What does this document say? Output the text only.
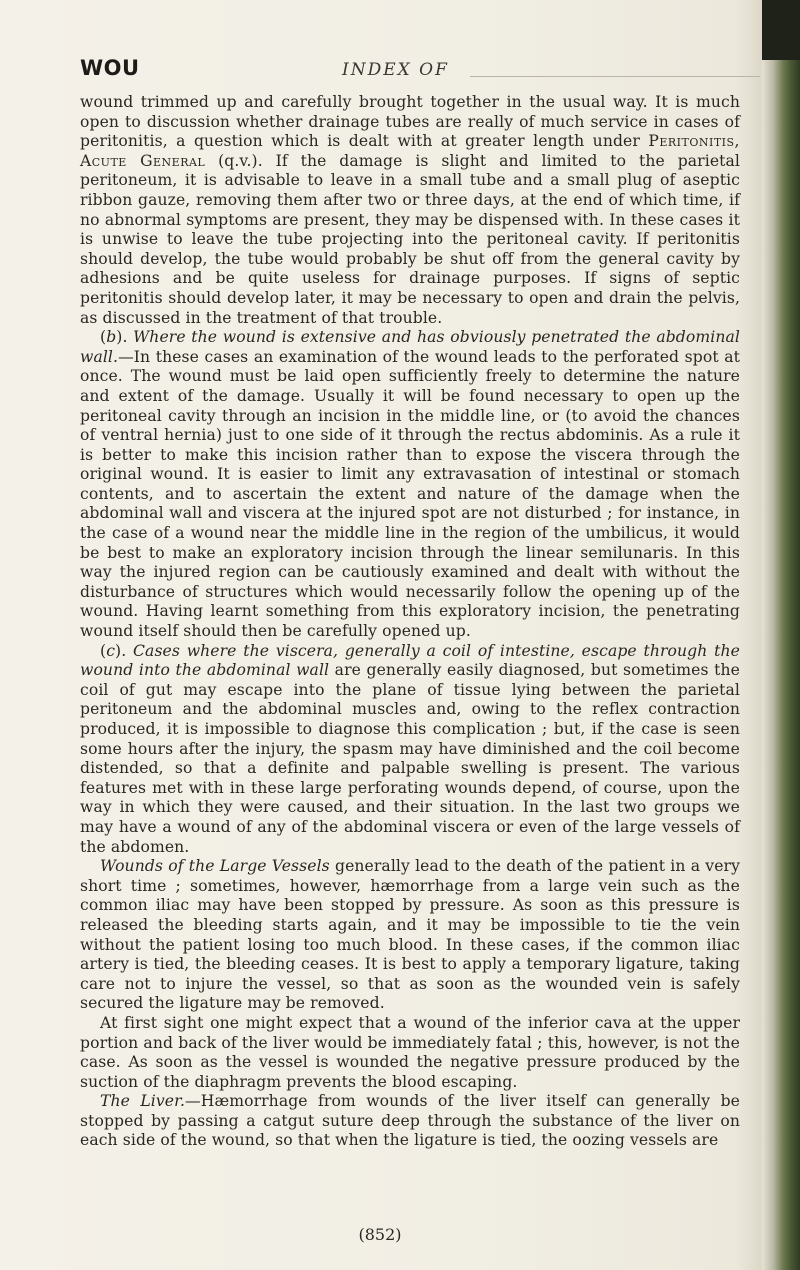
WOU	INDEX OF

wound trimmed up and carefully brought together in the usual way. It is much open to discussion whether drainage tubes are really of much service in cases of peritonitis, a question which is dealt with at greater length under Peritonitis, Acute General (q.v.). If the damage is slight and limited to the parietal peritoneum, it is advisable to leave in a small tube and a small plug of aseptic ribbon gauze, removing them after two or three days, at the end of which time, if no abnormal symptoms are present, they may be dispensed with. In these cases it is unwise to leave the tube projecting into the peritoneal cavity. If peritonitis should develop, the tube would probably be shut off from the general cavity by adhesions and be quite useless for drainage purposes. If signs of septic peritonitis should develop later, it may be necessary to open and drain the pelvis, as discussed in the treatment of that trouble.

(b). Where the wound is extensive and has obviously penetrated the abdominal wall.—In these cases an examination of the wound leads to the perforated spot at once. The wound must be laid open sufficiently freely to determine the nature and extent of the damage. Usually it will be found necessary to open up the peritoneal cavity through an incision in the middle line, or (to avoid the chances of ventral hernia) just to one side of it through the rectus abdominis. As a rule it is better to make this incision rather than to expose the viscera through the original wound. It is easier to limit any extravasation of intestinal or stomach contents, and to ascertain the extent and nature of the damage when the abdominal wall and viscera at the injured spot are not disturbed ; for instance, in the case of a wound near the middle line in the region of the umbilicus, it would be best to make an exploratory incision through the linear semilunaris. In this way the injured region can be cautiously examined and dealt with without the disturbance of structures which would necessarily follow the opening up of the wound. Having learnt something from this exploratory incision, the penetrating wound itself should then be carefully opened up.

(c). Cases where the viscera, generally a coil of intestine, escape through the wound into the abdominal wall are generally easily diagnosed, but sometimes the coil of gut may escape into the plane of tissue lying between the parietal peritoneum and the abdominal muscles and, owing to the reflex contraction produced, it is impossible to diagnose this complication ; but, if the case is seen some hours after the injury, the spasm may have diminished and the coil become distended, so that a definite and palpable swelling is present. The various features met with in these large perforating wounds depend, of course, upon the way in which they were caused, and their situation. In the last two groups we may have a wound of any of the abdominal viscera or even of the large vessels of the abdomen.

Wounds of the Large Vessels generally lead to the death of the patient in a very short time ; sometimes, however, hæmorrhage from a large vein such as the common iliac may have been stopped by pressure. As soon as this pressure is released the bleeding starts again, and it may be impossible to tie the vein without the patient losing too much blood. In these cases, if the common iliac artery is tied, the bleeding ceases. It is best to apply a temporary ligature, taking care not to injure the vessel, so that as soon as the wounded vein is safely secured the ligature may be removed.

At first sight one might expect that a wound of the inferior cava at the upper portion and back of the liver would be immediately fatal ; this, however, is not the case. As soon as the vessel is wounded the negative pressure produced by the suction of the diaphragm prevents the blood escaping.

The Liver.—Hæmorrhage from wounds of the liver itself can generally be stopped by passing a catgut suture deep through the substance of the liver on each side of the wound, so that when the ligature is tied, the oozing vessels are

(852)
